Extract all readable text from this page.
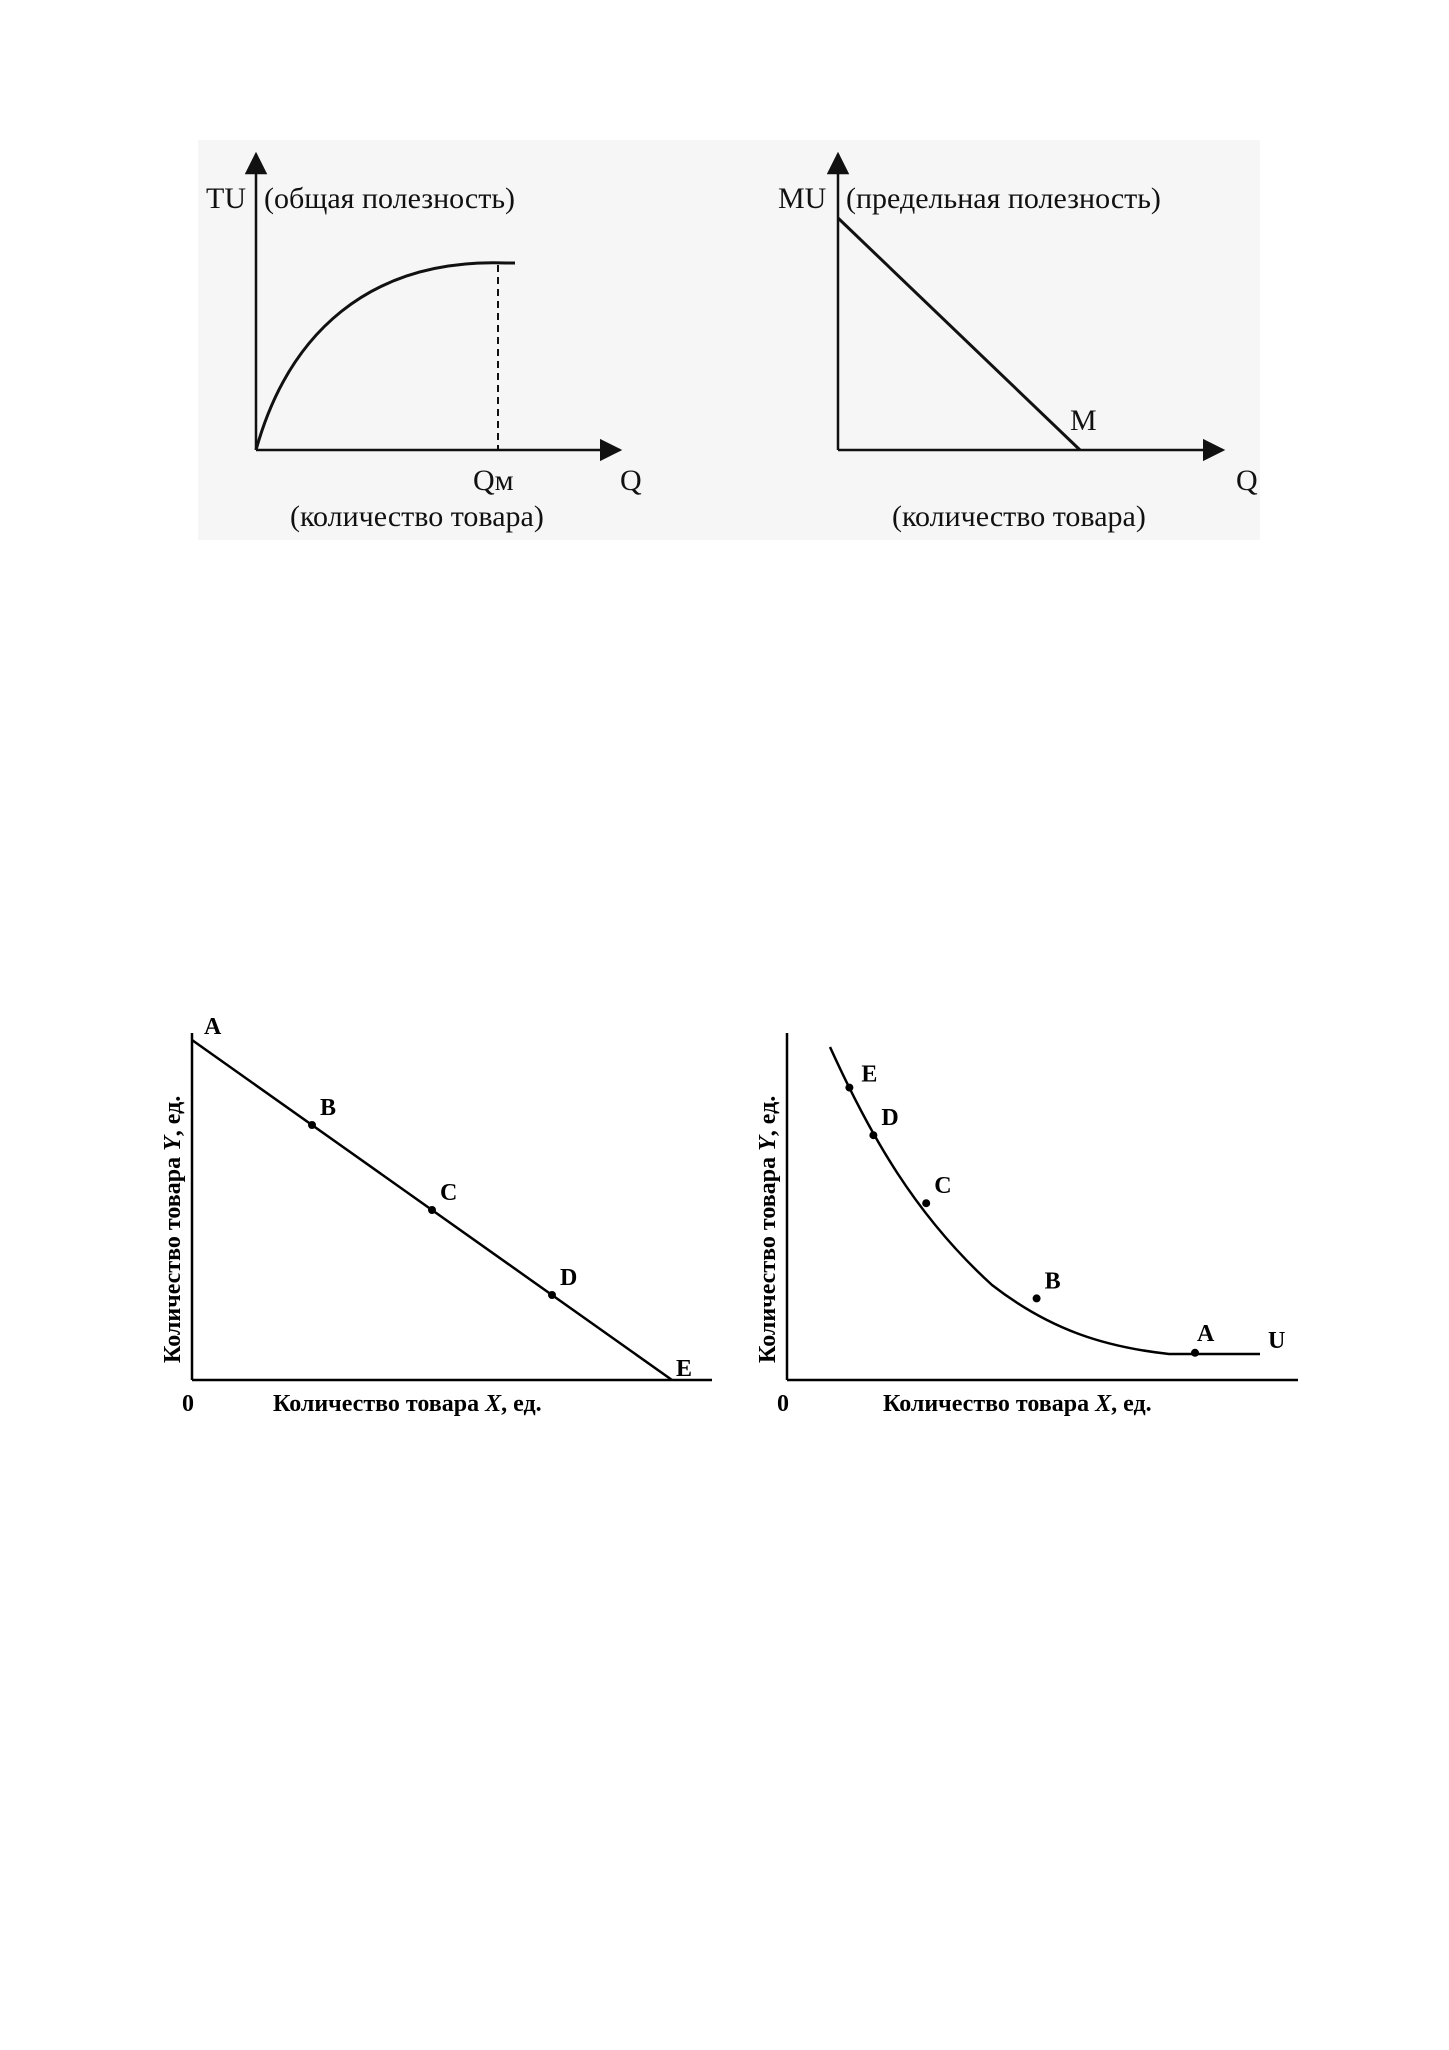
TU (общая полезность)
Qм	Q
(количество товара)
MU (предельная полезность)
M
Q
(количество товара)
A
B
C
D
E
Количество товара Y, ед.
0	Количество товара X, ед.
E
D
C
B
A U
Количество товара Y, ед.
0	Количество товара X, ед.
